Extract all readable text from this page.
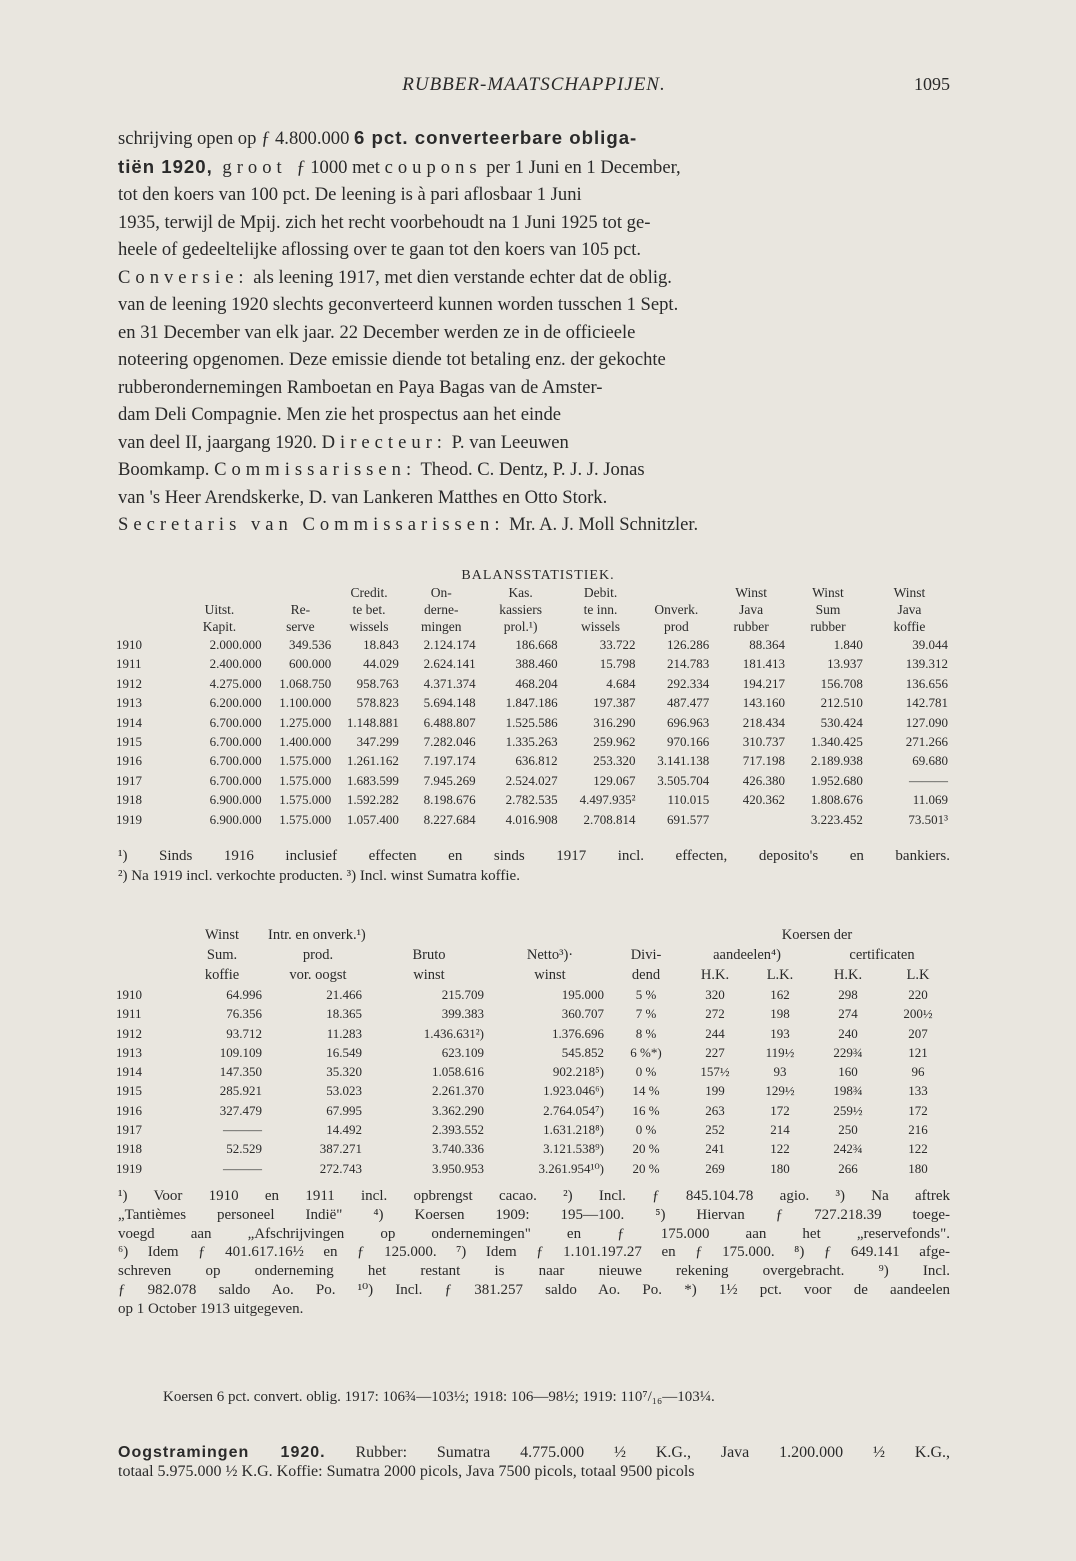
RUBBER-MAATSCHAPPIJEN.	1095

schrijving open op ƒ 4.800.000 6 pct. converteerbare obliga-

tiën 1920, groot ƒ 1000 met coupons per 1 Juni en 1 December,

tot den koers van 100 pct. De leening is à pari aflosbaar 1 Juni

1935, terwijl de Mpij. zich het recht voorbehoudt na 1 Juni 1925 tot ge-

heele of gedeeltelijke aflossing over te gaan tot den koers van 105 pct.

Conversie: als leening 1917, met dien verstande echter dat de oblig.

van de leening 1920 slechts geconverteerd kunnen worden tusschen 1 Sept.

en 31 December van elk jaar. 22 December werden ze in de officieele

noteering opgenomen. Deze emissie diende tot betaling enz. der gekochte

rubberondernemingen Ramboetan en Paya Bagas van de Amster-

dam Deli Compagnie. Men zie het prospectus aan het einde

van deel II, jaargang 1920. Directeur: P. van Leeuwen

Boomkamp. Commissarissen: Theod. C. Dentz, P. J. J. Jonas

van 's Heer Arendskerke, D. van Lankeren Matthes en Otto Stork.

Secretaris van Commissarissen: Mr. A. J. Moll Schnitzler.

BALANSSTATISTIEK.
			Credit.	On-	Kas.	Debit.		Winst	Winst	Winst
	Uitst.	Re-	te bet.	derne-	kassiers	te inn.	Onverk.	Java	Sum	Java
	Kapit.	serve	wissels	mingen	prol.¹)	wissels	prod	rubber	rubber	koffie
1910	2.000.000	349.536	18.843	2.124.174	186.668	33.722	126.286	88.364	1.840	39.044
1911	2.400.000	600.000	44.029	2.624.141	388.460	15.798	214.783	181.413	13.937	139.312
1912	4.275.000	1.068.750	958.763	4.371.374	468.204	4.684	292.334	194.217	156.708	136.656
1913	6.200.000	1.100.000	578.823	5.694.148	1.847.186	197.387	487.477	143.160	212.510	142.781
1914	6.700.000	1.275.000	1.148.881	6.488.807	1.525.586	316.290	696.963	218.434	530.424	127.090
1915	6.700.000	1.400.000	347.299	7.282.046	1.335.263	259.962	970.166	310.737	1.340.425	271.266
1916	6.700.000	1.575.000	1.261.162	7.197.174	636.812	253.320	3.141.138	717.198	2.189.938	69.680
1917	6.700.000	1.575.000	1.683.599	7.945.269	2.524.027	129.067	3.505.704	426.380	1.952.680	———
1918	6.900.000	1.575.000	1.592.282	8.198.676	2.782.535	4.497.935²	110.015	420.362	1.808.676	11.069
1919	6.900.000	1.575.000	1.057.400	8.227.684	4.016.908	2.708.814	691.577		3.223.452	73.501³

¹) Sinds 1916 inclusief effecten en sinds 1917 incl. effecten, deposito's en bankiers.

²) Na 1919 incl. verkochte producten. ³) Incl. winst Sumatra koffie.

	Winst	Intr. en onverk.¹)				Koersen der			
	Sum.	prod.	Bruto	Netto³)·	Divi-	aandeelen⁴)		certificaten	
	koffie	vor. oogst	winst	winst	dend	H.K.	L.K.	H.K.	L.K
1910	64.996	21.466	215.709	195.000	5 %	320	162	298	220
1911	76.356	18.365	399.383	360.707	7 %	272	198	274	200½
1912	93.712	11.283	1.436.631²)	1.376.696	8 %	244	193	240	207
1913	109.109	16.549	623.109	545.852	6 %*)	227	119½	229¾	121
1914	147.350	35.320	1.058.616	902.218⁵)	0 %	157½	93	160	96
1915	285.921	53.023	2.261.370	1.923.046⁶)	14 %	199	129½	198¾	133
1916	327.479	67.995	3.362.290	2.764.054⁷)	16 %	263	172	259½	172
1917	———	14.492	2.393.552	1.631.218⁸)	0 %	252	214	250	216
1918	52.529	387.271	3.740.336	3.121.538⁹)	20 %	241	122	242¾	122
1919	———	272.743	3.950.953	3.261.954¹⁰)	20 %	269	180	266	180

¹) Voor 1910 en 1911 incl. opbrengst cacao. ²) Incl. ƒ 845.104.78 agio. ³) Na aftrek

„Tantièmes personeel Indië" ⁴) Koersen 1909: 195—100. ⁵) Hiervan ƒ 727.218.39 toege-

voegd aan „Afschrijvingen op ondernemingen" en ƒ 175.000 aan het „reservefonds".

⁶) Idem ƒ 401.617.16½ en ƒ 125.000. ⁷) Idem ƒ 1.101.197.27 en ƒ 175.000. ⁸) ƒ 649.141 afge-

schreven op onderneming het restant is naar nieuwe rekening overgebracht. ⁹) Incl.

ƒ 982.078 saldo Ao. Po. ¹⁰) Incl. ƒ 381.257 saldo Ao. Po. *) 1½ pct. voor de aandeelen

op 1 October 1913 uitgegeven.

Koersen 6 pct. convert. oblig. 1917: 106¾—103½; 1918: 106—98½; 1919: 110⁷/₁₆—103¼.

Oogstramingen 1920. Rubber: Sumatra 4.775.000 ½ K.G., Java 1.200.000 ½ K.G.,

totaal 5.975.000 ½ K.G. Koffie: Sumatra 2000 picols, Java 7500 picols, totaal 9500 picols
